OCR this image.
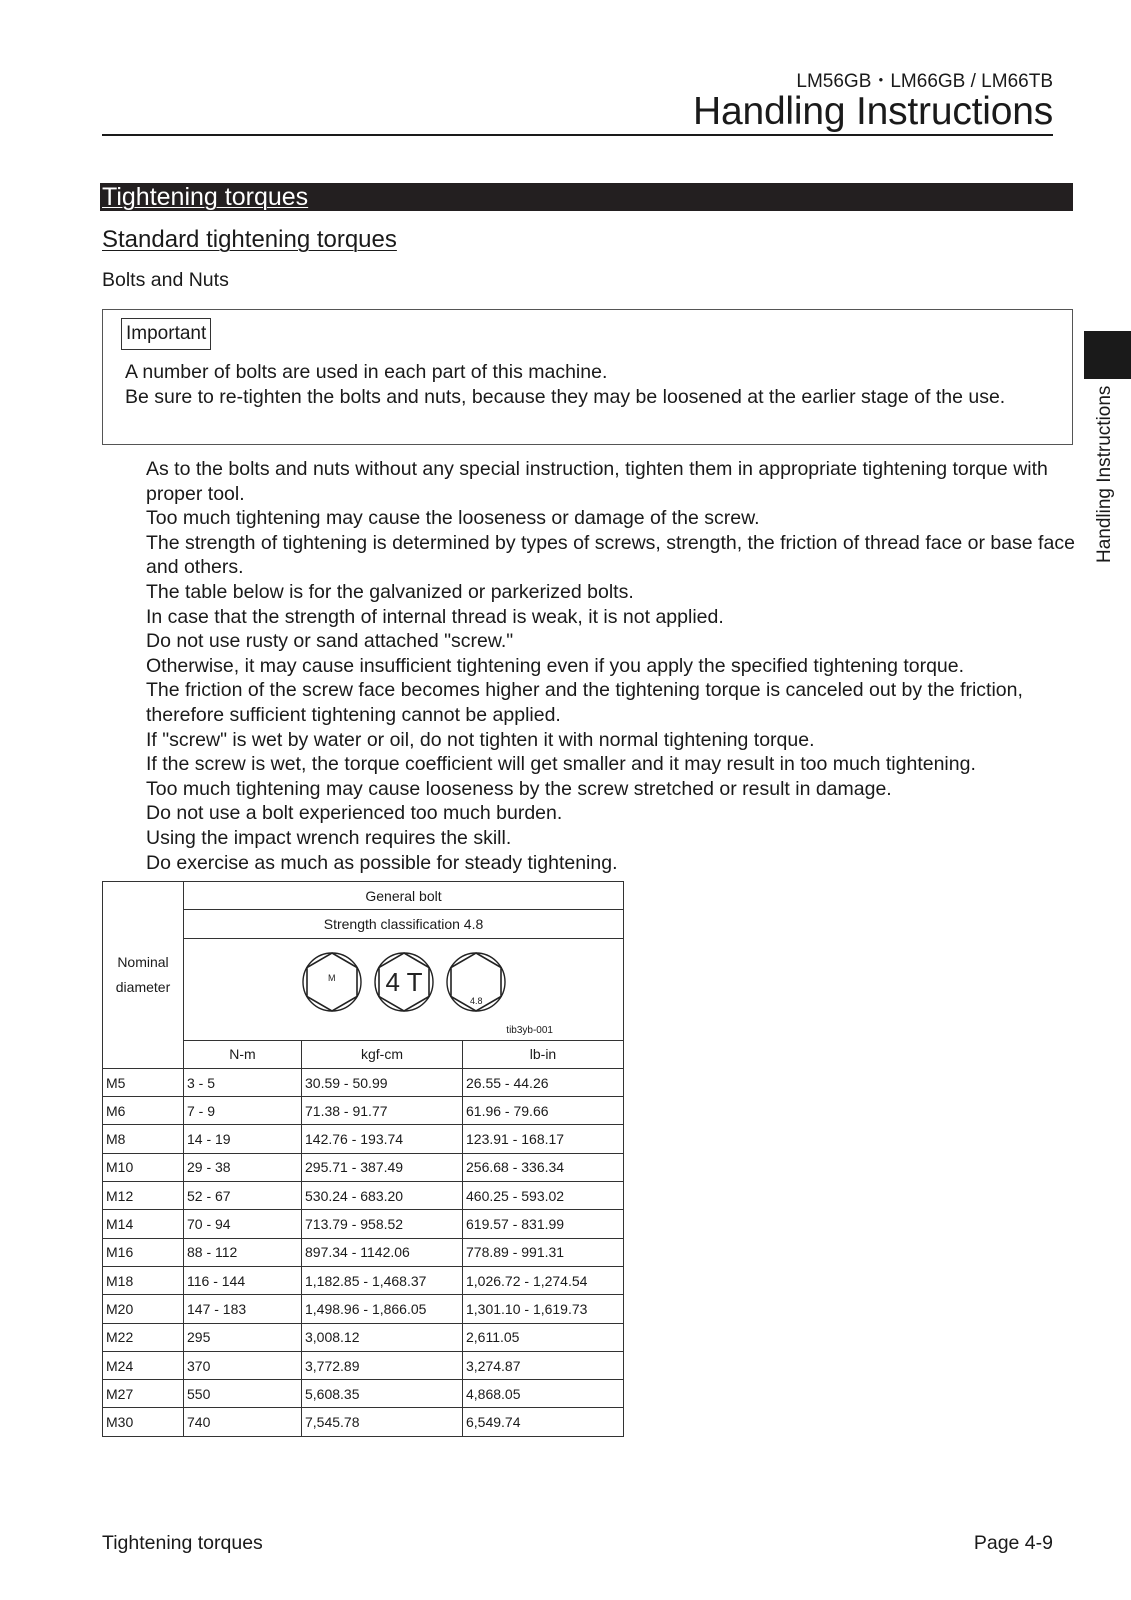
LM56GB・LM66GB / LM66TB
Handling Instructions
Handling Instructions
Tightening torques
Standard tightening torques
Bolts and Nuts
Important
A number of bolts are used in each part of this machine.
Be sure to re-tighten the bolts and nuts, because they may be loosened at the earlier stage of the use.

As to the bolts and nuts without any special instruction, tighten them in appropriate tightening torque with proper tool.

Too much tightening may cause the looseness or damage of the screw.

The strength of tightening is determined by types of screws, strength, the friction of thread face or base face and others.

The table below is for the galvanized or parkerized bolts.

In case that the strength of internal thread is weak, it is not applied.

Do not use rusty or sand attached "screw."

Otherwise, it may cause insufficient tightening even if you apply the specified tightening torque.

The friction of the screw face becomes higher and the tightening torque is canceled out by the friction, therefore sufficient tightening cannot be applied.

If "screw" is wet by water or oil, do not tighten it with normal tightening torque.

If the screw is wet, the torque coefficient will get smaller and it may result in too much tightening.

Too much tightening may cause looseness by the screw stretched or result in damage.

Do not use a bolt experienced too much burden.

Using the impact wrench requires the skill.

Do exercise as much as possible for steady tightening.

Nominal
diameter	General bolt		
	Strength classification 4.8		

M 4 T
4.8
tib3yb-001		

	N-m	kgf-cm	lb-in
M5	3 - 5	30.59 - 50.99	26.55 - 44.26
M6	7 - 9	71.38 - 91.77	61.96 - 79.66
M8	14 - 19	142.76 - 193.74	123.91 - 168.17
M10	29 - 38	295.71 - 387.49	256.68 - 336.34
M12	52 - 67	530.24 - 683.20	460.25 - 593.02
M14	70 - 94	713.79 - 958.52	619.57 - 831.99
M16	88 - 112	897.34 - 1142.06	778.89 - 991.31
M18	116 - 144	1,182.85 - 1,468.37	1,026.72 - 1,274.54
M20	147 - 183	1,498.96 - 1,866.05	1,301.10 - 1,619.73
M22	295	3,008.12	2,611.05
M24	370	3,772.89	3,274.87
M27	550	5,608.35	4,868.05
M30	740	7,545.78	6,549.74
Tightening torques	Page 4-9
